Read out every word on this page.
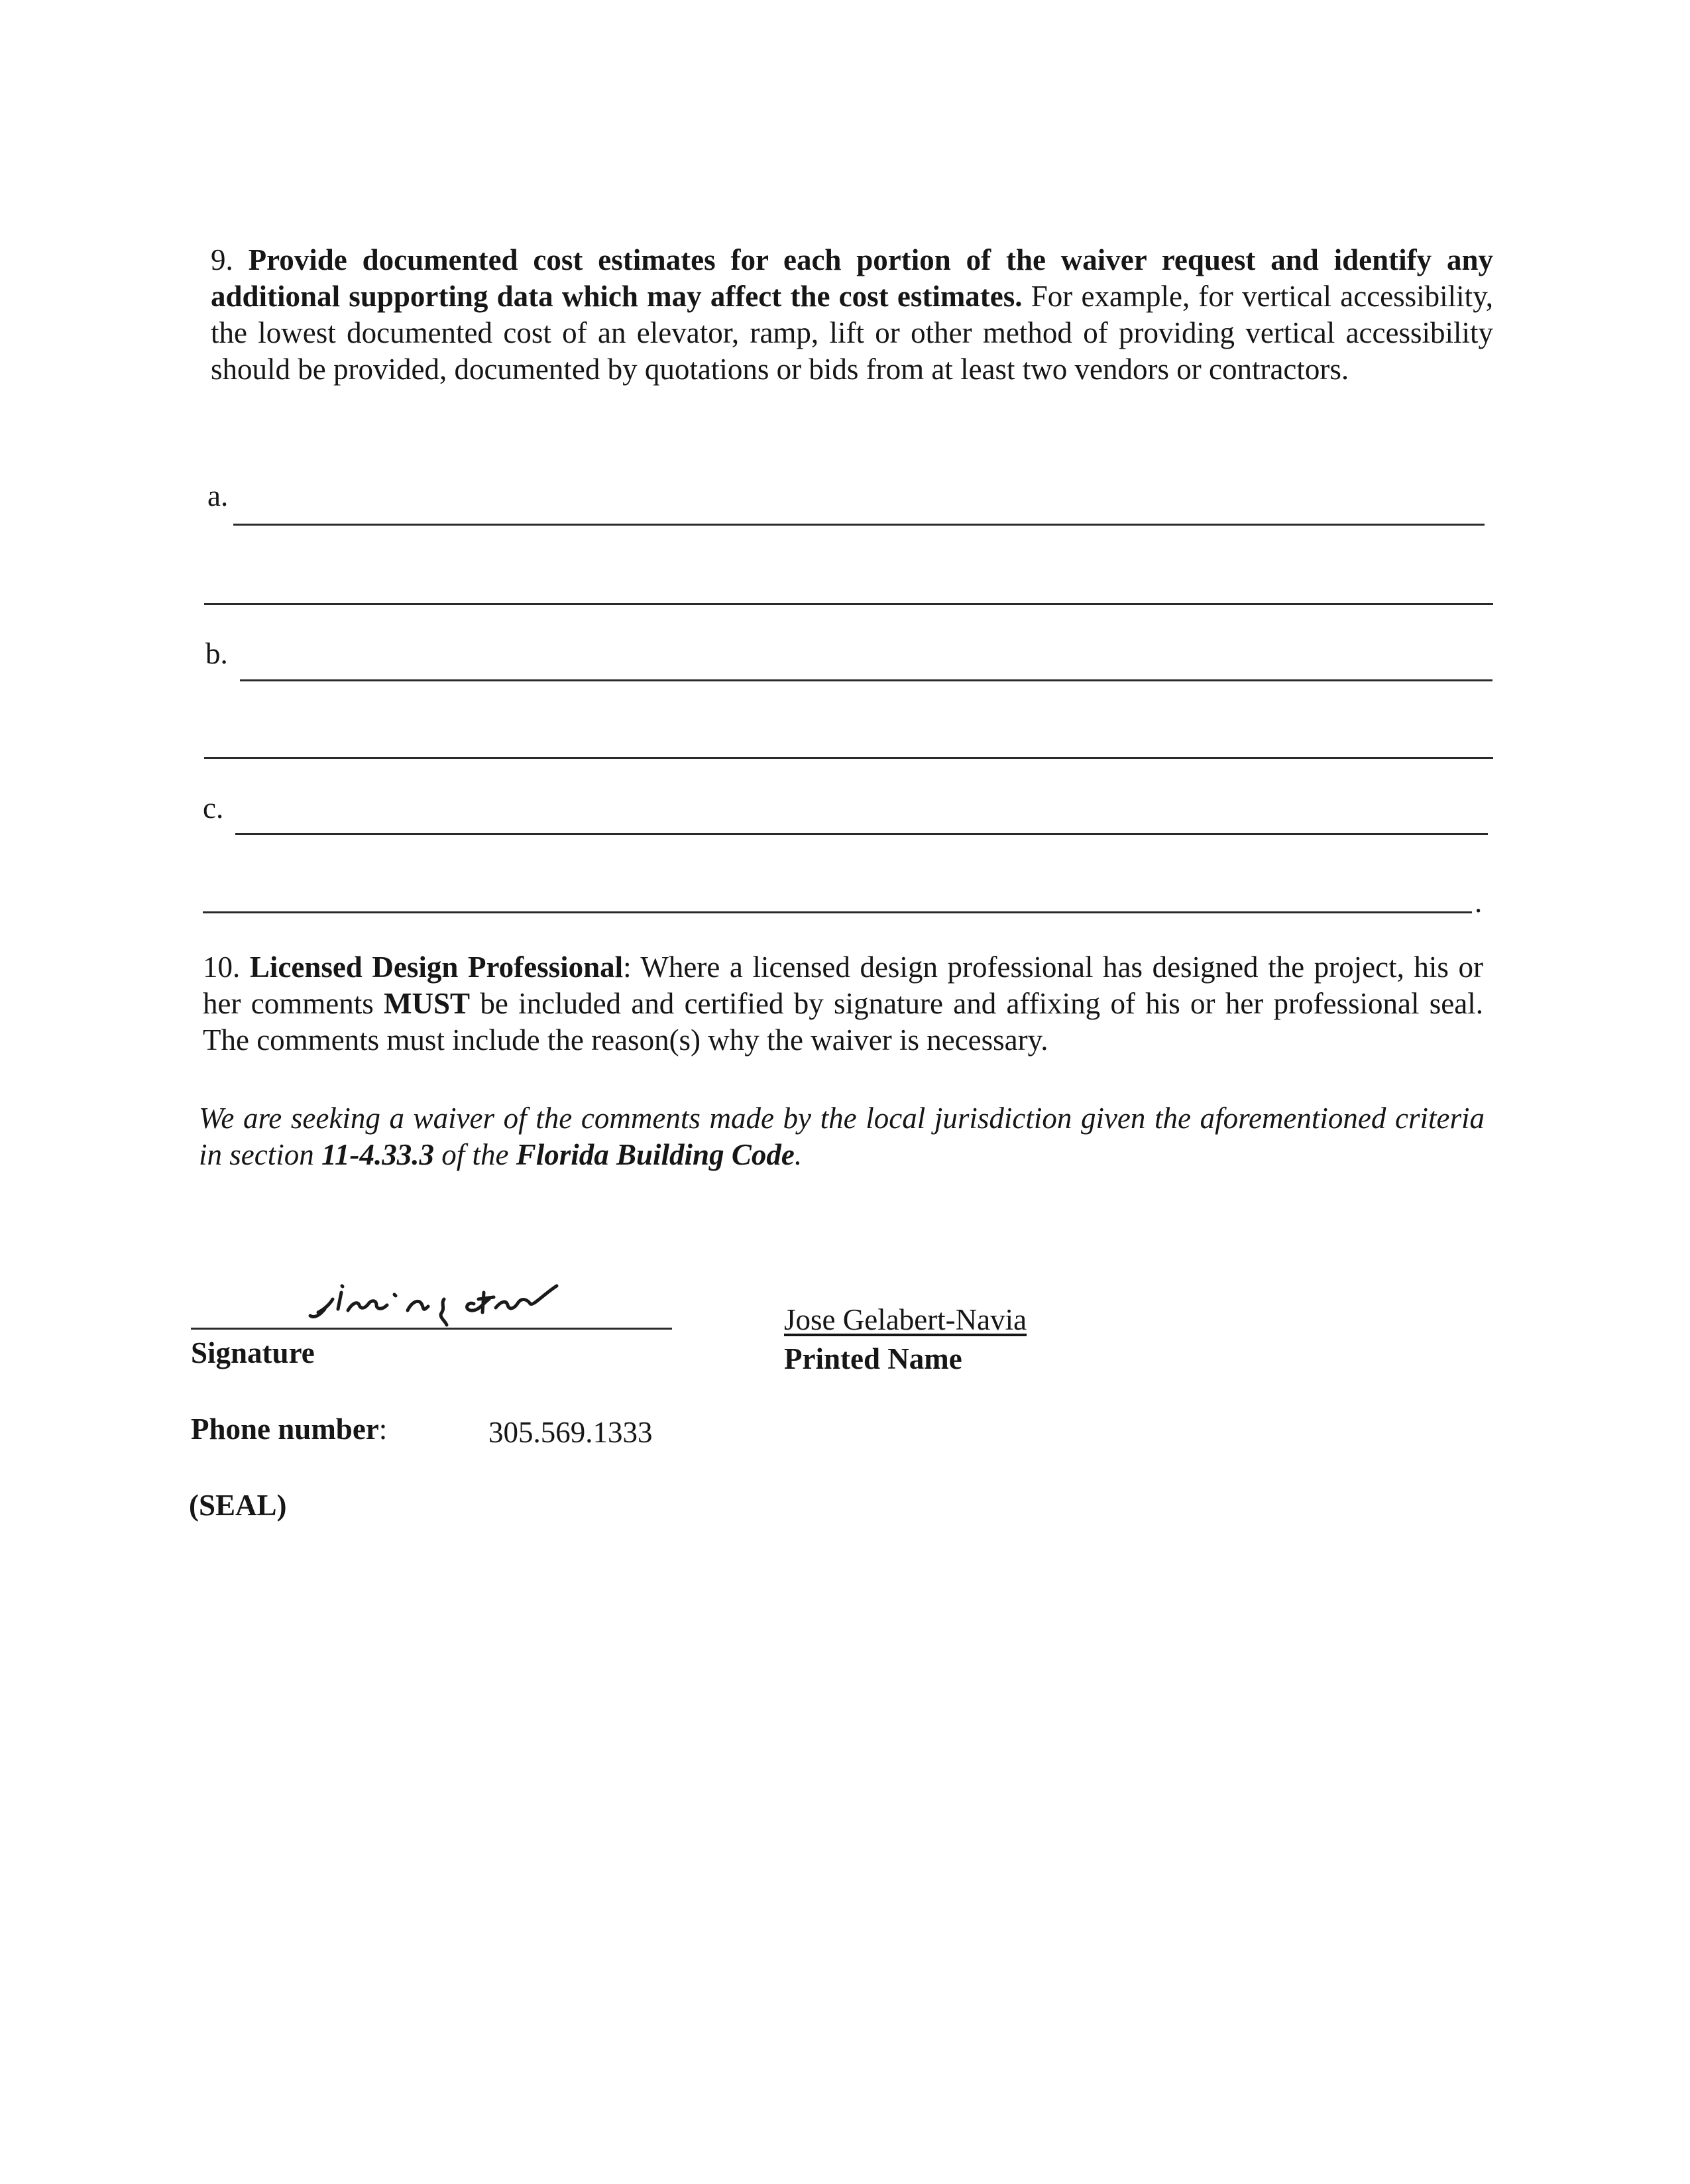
9. Provide documented cost estimates for each portion of the waiver request and identify any additional supporting data which may affect the cost estimates. For example, for vertical accessibility, the lowest documented cost of an elevator, ramp, lift or other method of providing vertical accessibility should be provided, documented by quotations or bids from at least two vendors or contractors.
a.
b.
c.
.
10. Licensed Design Professional: Where a licensed design professional has designed the project, his or her comments MUST be included and certified by signature and affixing of his or her professional seal. The comments must include the reason(s) why the waiver is necessary.
We are seeking a waiver of the comments made by the local jurisdiction given the aforementioned criteria in section 11-4.33.3 of the Florida Building Code.
Signature
Jose Gelabert-Navia
Printed Name
Phone number:	305.569.1333
(SEAL)
